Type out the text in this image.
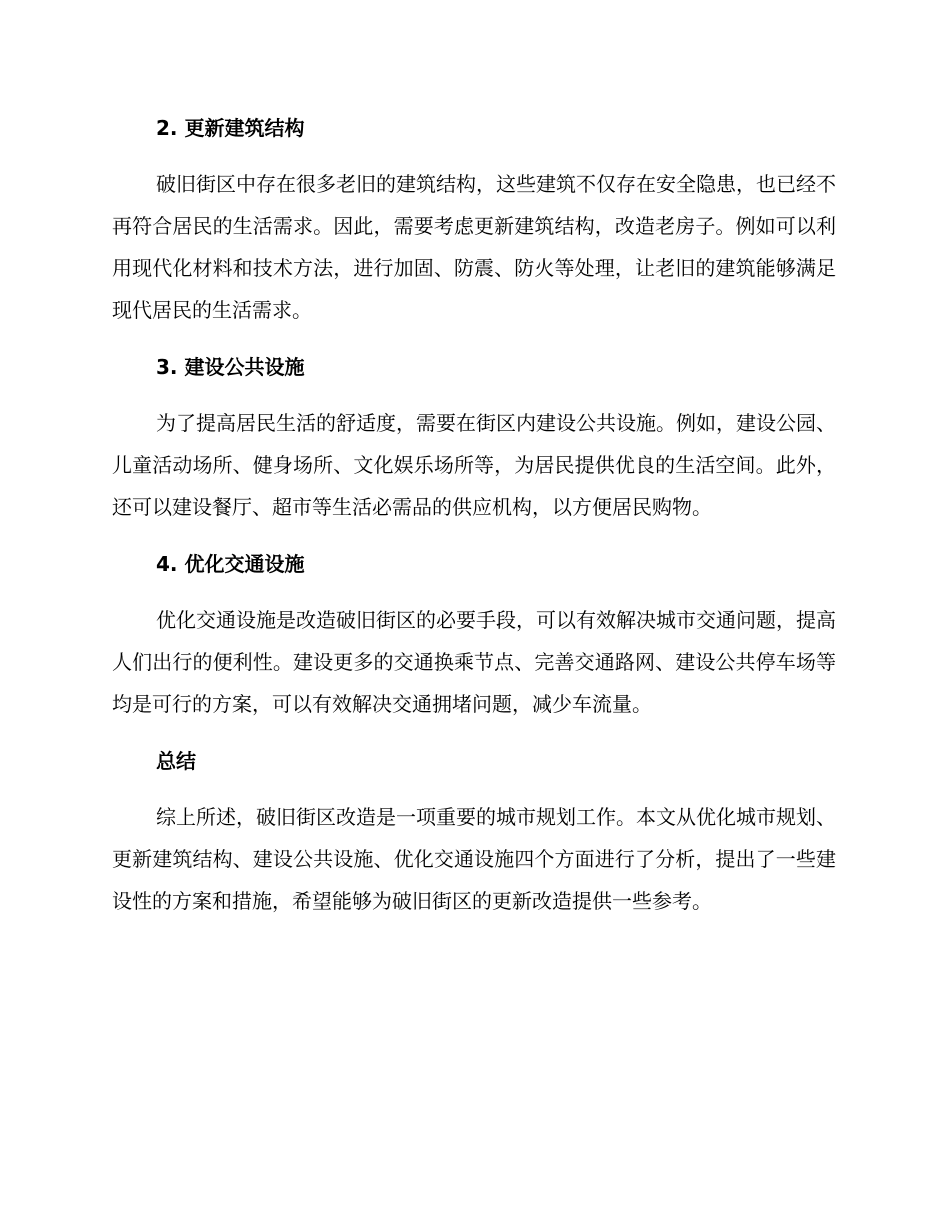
2. 更新建筑结构

破旧街区中存在很多老旧的建筑结构，这些建筑不仅存在安全隐患，也已经不再符合居民的生活需求。因此，需要考虑更新建筑结构，改造老房子。例如可以利用现代化材料和技术方法，进行加固、防震、防火等处理，让老旧的建筑能够满足现代居民的生活需求。

3. 建设公共设施

为了提高居民生活的舒适度，需要在街区内建设公共设施。例如，建设公园、儿童活动场所、健身场所、文化娱乐场所等，为居民提供优良的生活空间。此外，还可以建设餐厅、超市等生活必需品的供应机构，以方便居民购物。

4. 优化交通设施

优化交通设施是改造破旧街区的必要手段，可以有效解决城市交通问题，提高人们出行的便利性。建设更多的交通换乘节点、完善交通路网、建设公共停车场等均是可行的方案，可以有效解决交通拥堵问题，减少车流量。

总结

综上所述，破旧街区改造是一项重要的城市规划工作。本文从优化城市规划、更新建筑结构、建设公共设施、优化交通设施四个方面进行了分析，提出了一些建设性的方案和措施，希望能够为破旧街区的更新改造提供一些参考。
